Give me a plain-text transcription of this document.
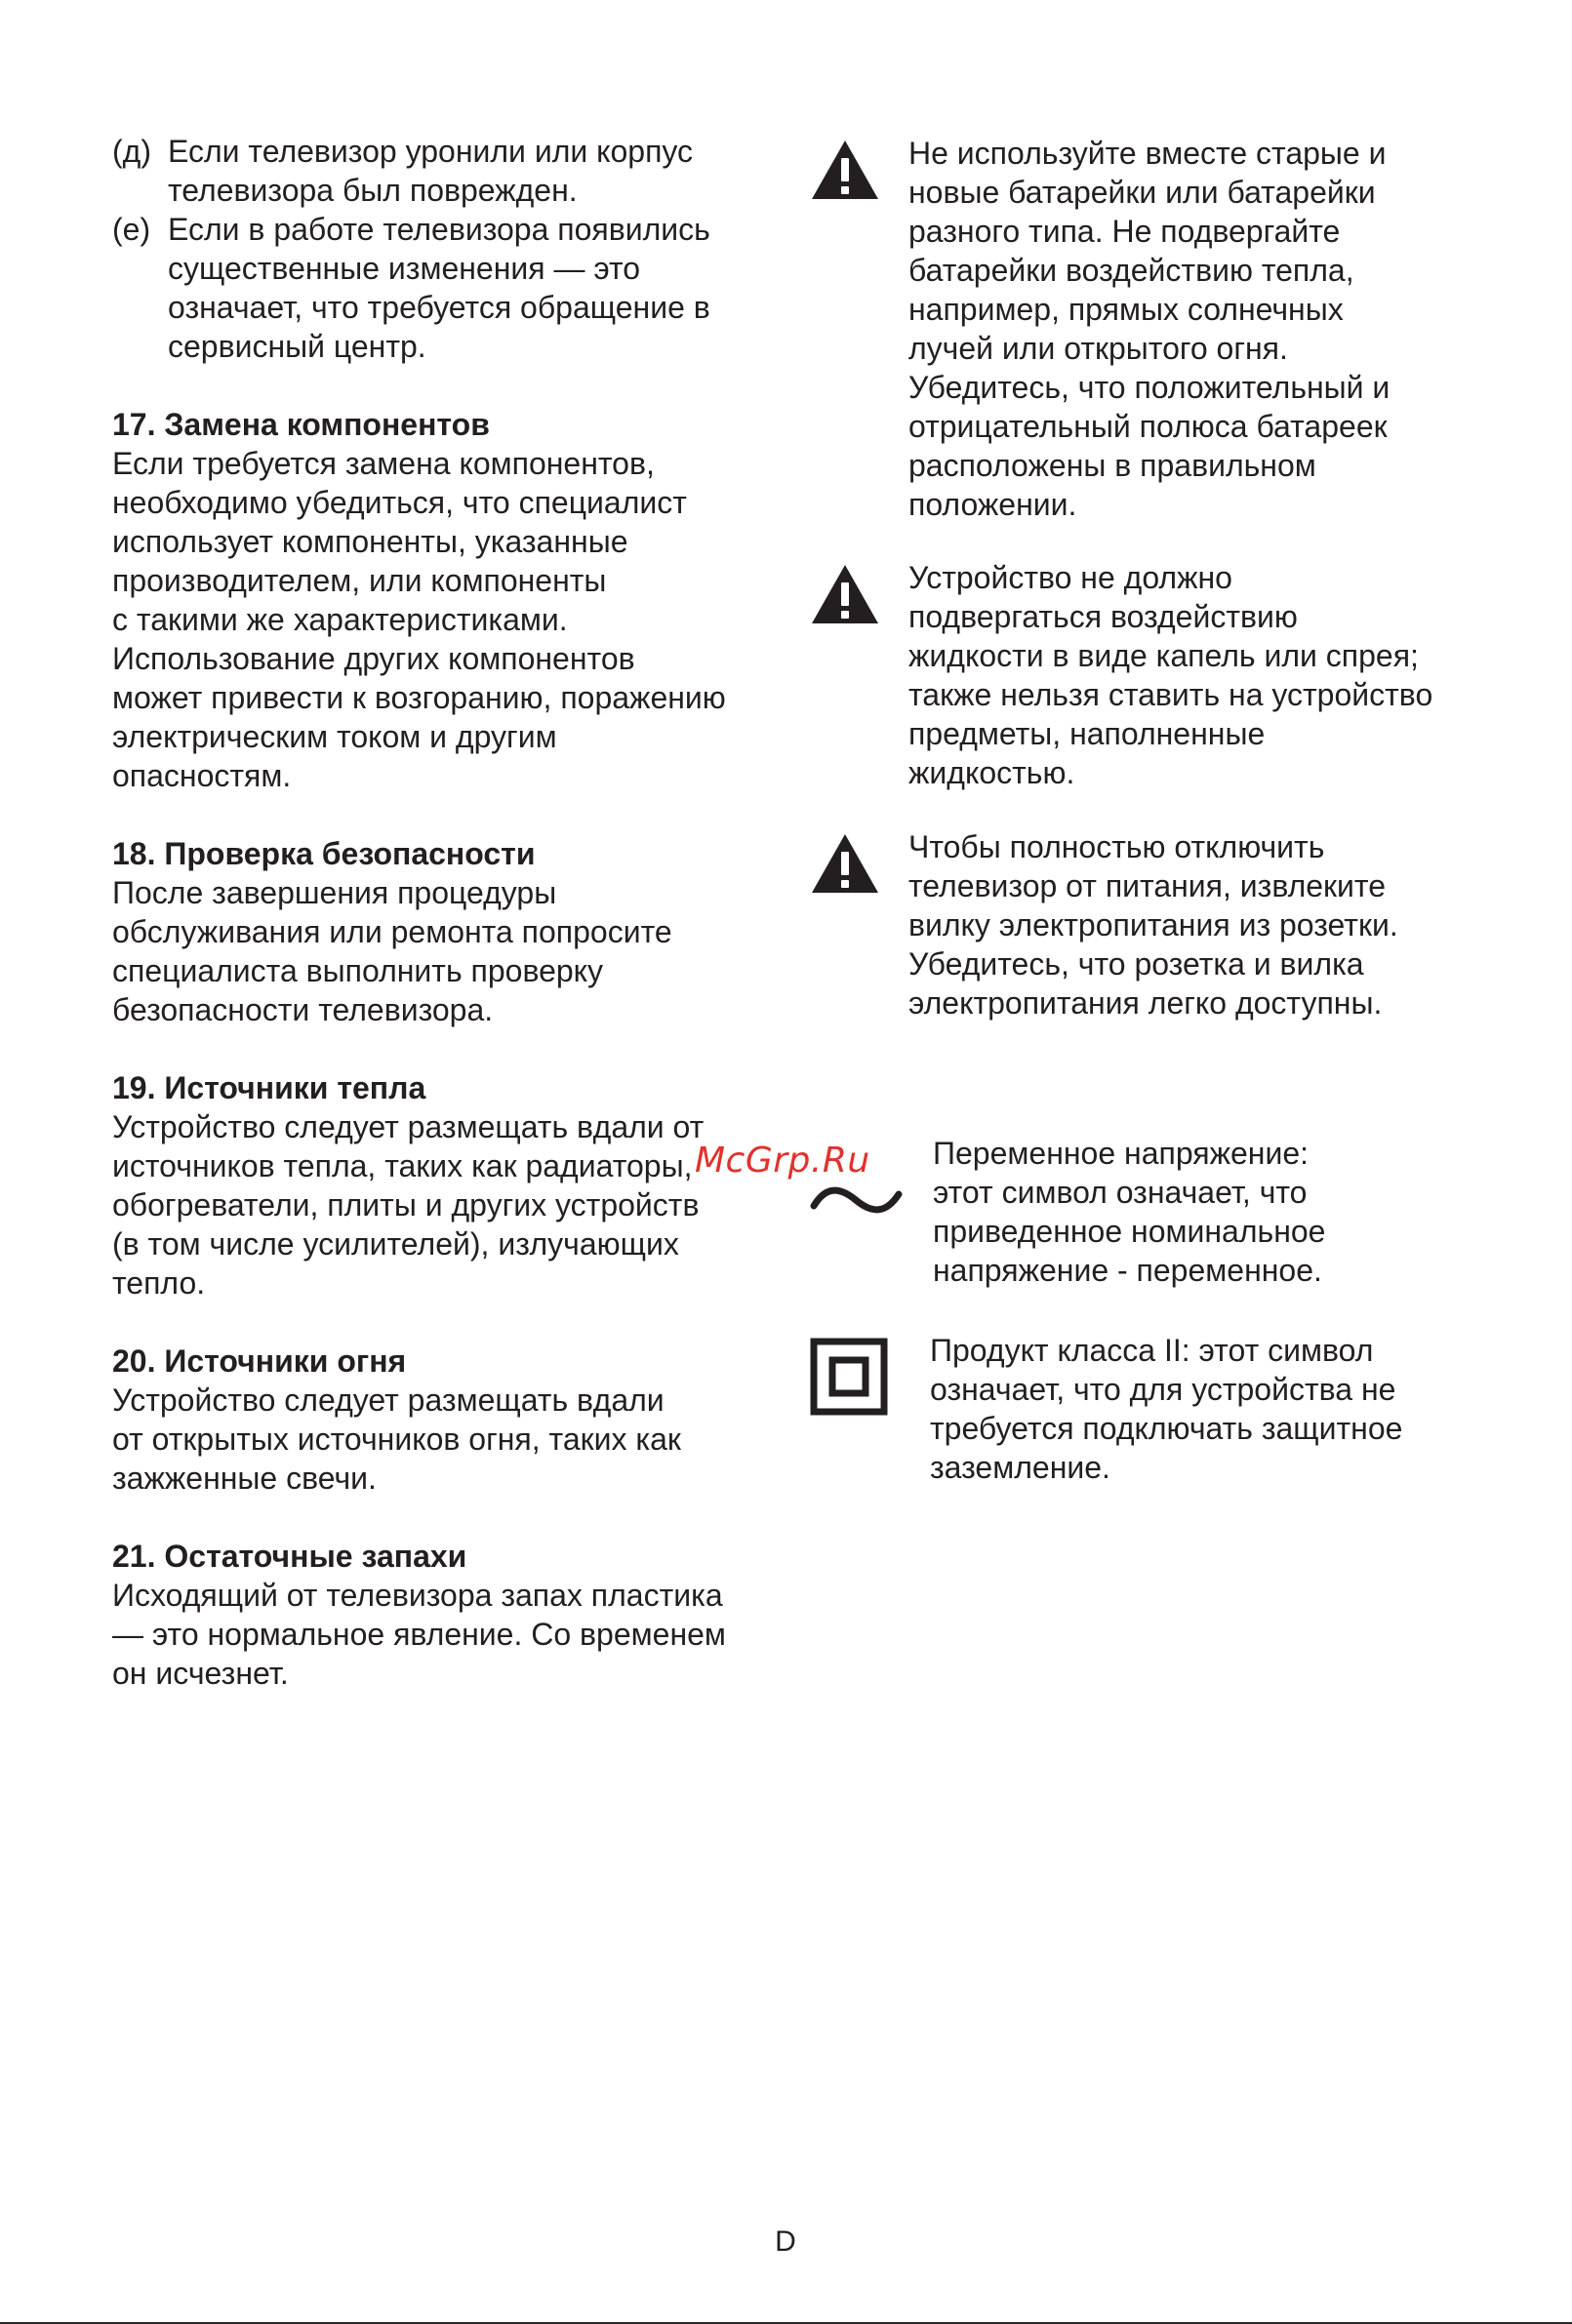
(д) Если телевизор уронили или корпус
телевизора был поврежден.
(е) Если в работе телевизора появились
существенные изменения — это
означает, что требуется обращение в
сервисный центр.
17. Замена компонентов
Если требуется замена компонентов,
необходимо убедиться, что специалист
использует компоненты, указанные
производителем, или компоненты
с такими же характеристиками.
Использование других компонентов
может привести к возгоранию, поражению
электрическим током и другим
опасностям.
18. Проверка безопасности
После завершения процедуры
обслуживания или ремонта попросите
специалиста выполнить проверку
безопасности телевизора.
19. Источники тепла
Устройство следует размещать вдали от
источников тепла, таких как радиаторы,
обогреватели, плиты и других устройств
(в том числе усилителей), излучающих
тепло.
20. Источники огня
Устройство следует размещать вдали
от открытых источников огня, таких как
зажженные свечи.
21. Остаточные запахи
Исходящий от телевизора запах пластика
— это нормальное явление. Со временем
он исчезнет.
Не используйте вместе старые и
новые батарейки или батарейки
разного типа. Не подвергайте
батарейки воздействию тепла,
например, прямых солнечных
лучей или открытого огня.
Убедитесь, что положительный и
отрицательный полюса батареек
расположены в правильном
положении.
Устройство не должно
подвергаться воздействию
жидкости в виде капель или спрея;
также нельзя ставить на устройство
предметы, наполненные
жидкостью.
Чтобы полностью отключить
телевизор от питания, извлеките
вилку электропитания из розетки.
Убедитесь, что розетка и вилка
электропитания легко доступны.
Переменное напряжение:
этот символ означает, что
приведенное номинальное
напряжение - переменное.
Продукт класса II: этот символ
означает, что для устройства не
требуется подключать защитное
заземление.
McGrp.Ru
D
